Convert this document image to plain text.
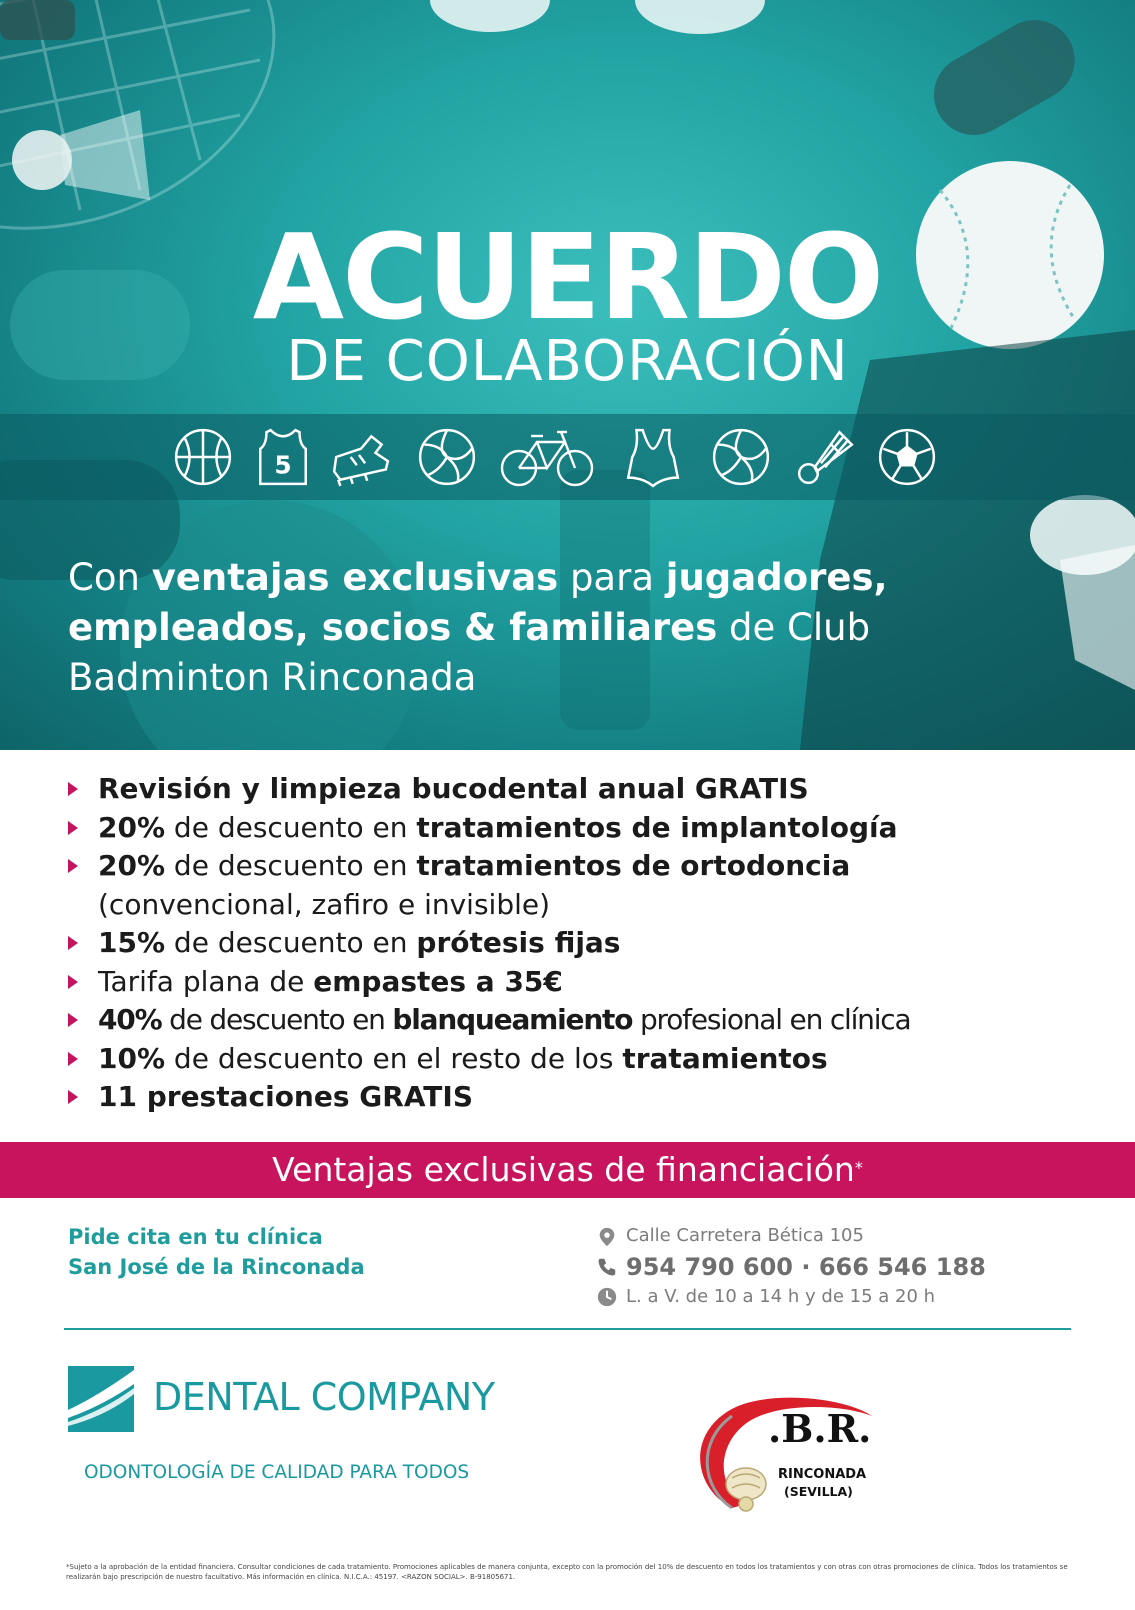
ACUERDO
DE COLABORACIÓN
5
Con ventajas exclusivas para jugadores, empleados, socios & familiares de Club Badminton Rinconada
Revisión y limpieza bucodental anual GRATIS
20% de descuento en tratamientos de implantología
20% de descuento en tratamientos de ortodoncia
(convencional, zafiro e invisible)
15% de descuento en prótesis fijas
Tarifa plana de empastes a 35€
40% de descuento en blanqueamiento profesional en clínica
10% de descuento en el resto de los tratamientos
11 prestaciones GRATIS
Ventajas exclusivas de financiación*
Pide cita en tu clínica
San José de la Rinconada
Calle Carretera Bética 105
954 790 600 · 666 546 188
L. a V. de 10 a 14 h y de 15 a 20 h
DENTAL COMPANY
ODONTOLOGÍA DE CALIDAD PARA TODOS
.B.R.
RINCONADA
(SEVILLA)
*Sujeto a la aprobación de la entidad financiera. Consultar condiciones de cada tratamiento. Promociones aplicables de manera conjunta, excepto con la promoción del 10% de descuento en todos los tratamientos y con otras con otras promociones de clínica. Todos los tratamientos se realizarán bajo prescripción de nuestro facultativo. Más información en clínica. N.I.C.A.: 45197. <RAZON SOCIAL>. B-91805671.
